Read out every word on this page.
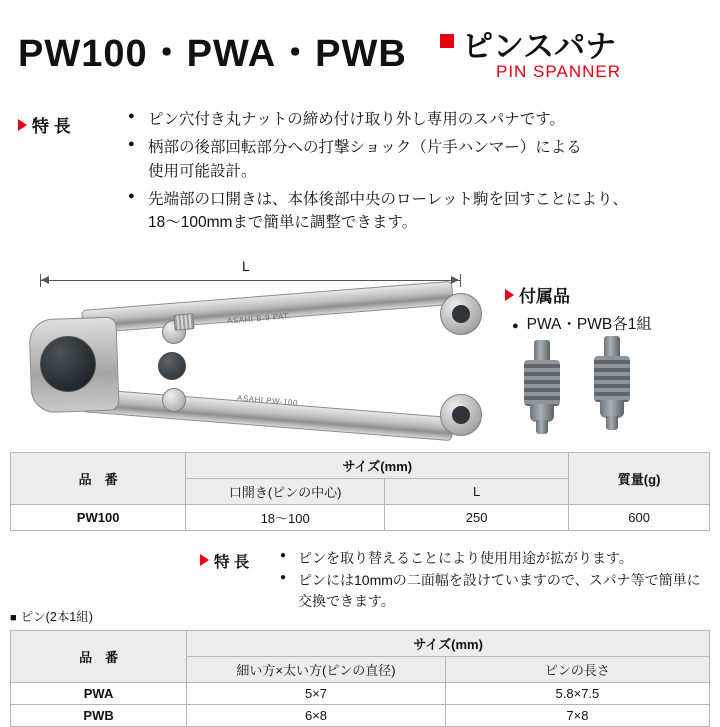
PW100・PWA・PWB ピンスパナ
PIN SPANNER
特 長	● ピン穴付き丸ナットの締め付け取り外し専用のスパナです。
● 柄部の後部回転部分への打撃ショック（片手ハンマー）による
使用可能設計。
● 先端部の口開きは、本体後部中央のローレット駒を回すことにより、
18〜100mmまで簡単に調整できます。
L
ASAHI B-9 PAT.
ASAHI PW-100
付属品
● PWA・PWB各1組
品　番	サイズ(mm)		質量(g)
	口開き(ピンの中心)	L	
PW100	18〜100	250	600
特 長	● ピンを取り替えることにより使用用途が拡がります。
● ピンには10mmの二面幅を設けていますので、スパナ等で簡単に 交換できます。
■ ピン(2本1組)
品　番	サイズ(mm)	
	細い方×太い方(ピンの直径)	ピンの長さ
PWA	5×7	5.8×7.5
PWB	6×8	7×8
